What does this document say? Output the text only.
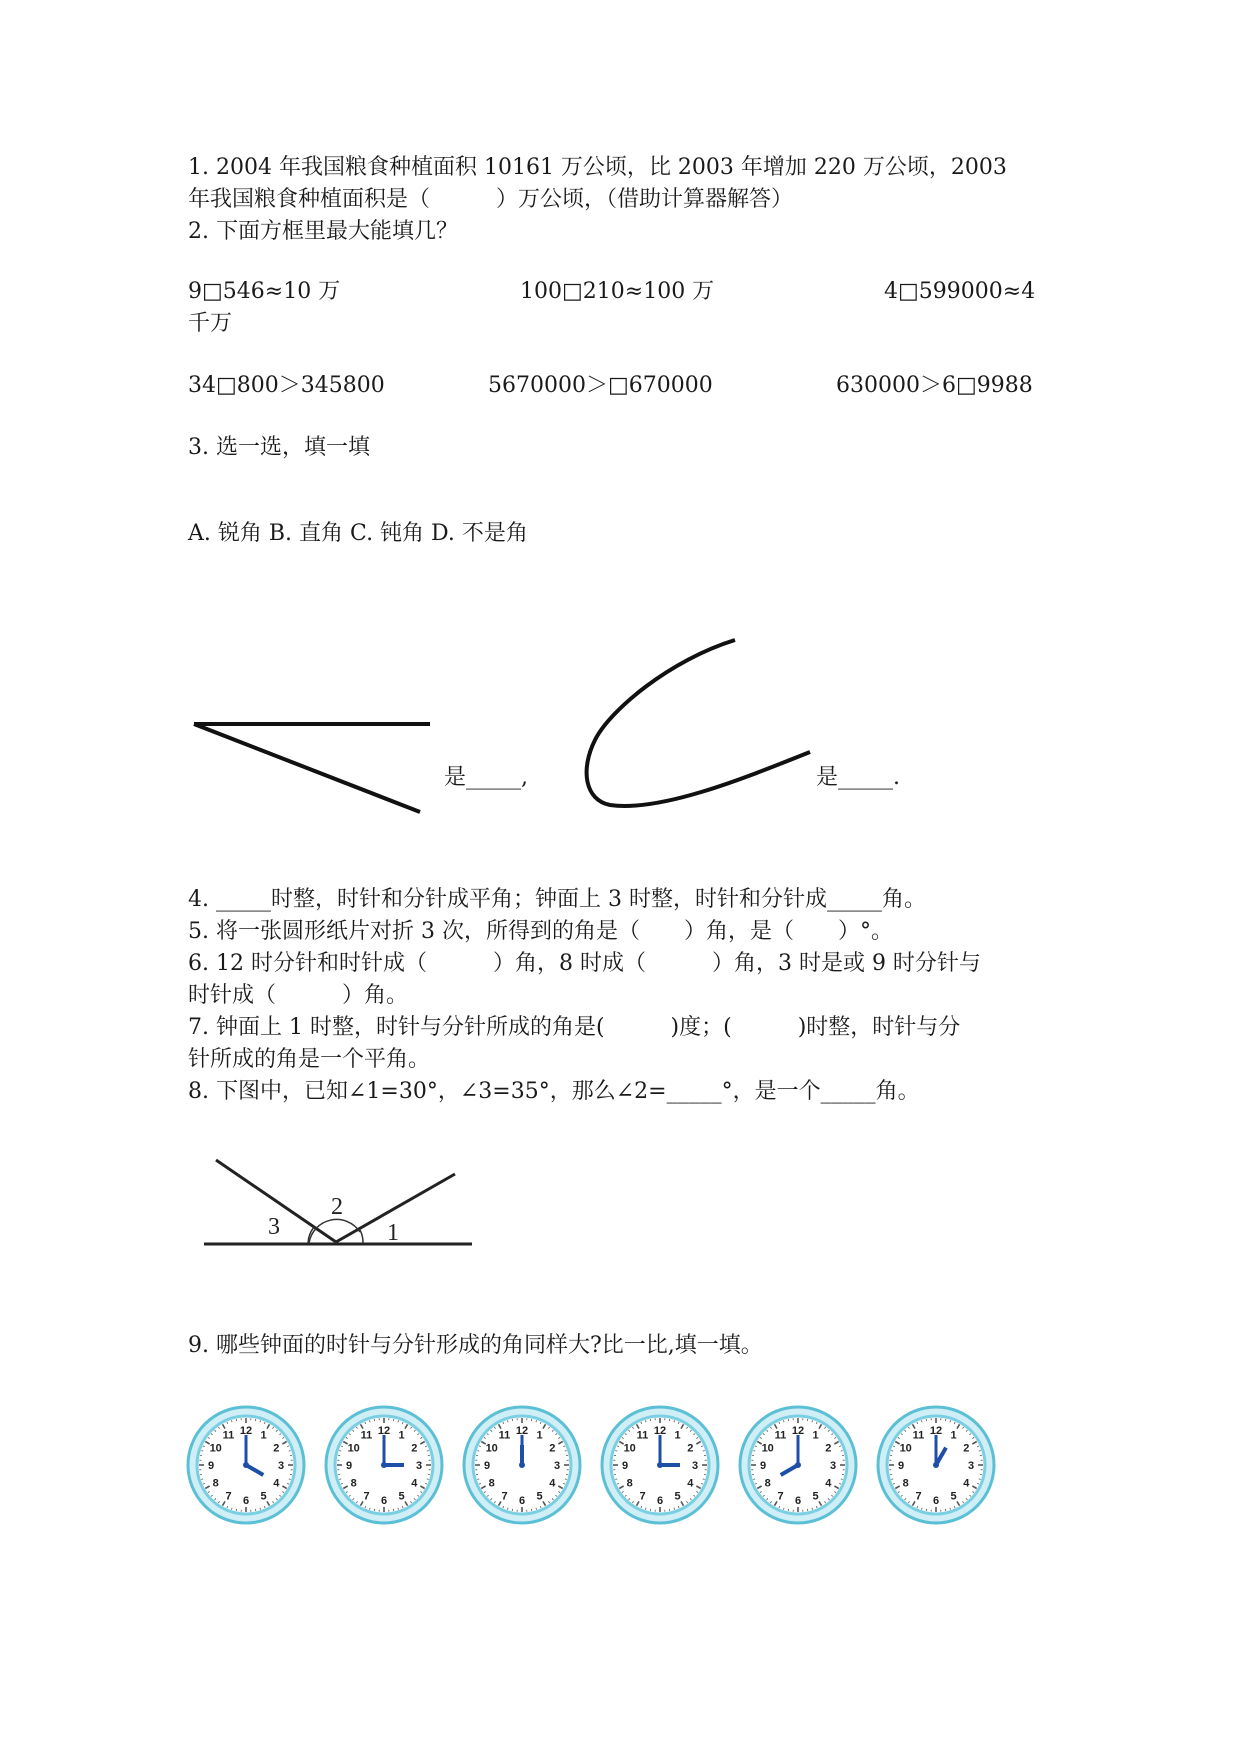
1. 2004 年我国粮食种植面积 10161 万公顷，比 2003 年增加 220 万公顷，2003
年我国粮食种植面积是（　　　）万公顷，（借助计算器解答）
2. 下面方框里最大能填几？
9□546≈10 万	100□210≈100 万	4□599000≈4
千万
34□800＞345800	5670000＞□670000	630000＞6□9988
3. 选一选，填一填
A. 锐角 B. 直角 C. 钝角 D. 不是角
3
2
1
1
2
3
4
5
6
7
8
9
10
11 12	1
2
3
4
5
6
7
8
9
10
11 12	1
2
3
4
5
6
7
8
9
10
11 12	1
2
3
4
5
6
7
8
9
10
11 12	1
2
3
4
5
6
7
8
9
10
11 12	1
2
3
4
5
6
7
8
9
10
11 12
是_____,	是_____.
4. _____时整，时针和分针成平角；钟面上 3 时整，时针和分针成_____角。
5. 将一张圆形纸片对折 3 次，所得到的角是（　　）角，是（　　）°。
6. 12 时分针和时针成（　　　）角，8 时成（　　　）角，3 时是或 9 时分针与
时针成（　　　）角。
7. 钟面上 1 时整，时针与分针所成的角是(　　　)度；(　　　)时整，时针与分
针所成的角是一个平角。
8. 下图中，已知∠1=30°，∠3=35°，那么∠2=_____°，是一个_____角。
9. 哪些钟面的时针与分针形成的角同样大?比一比,填一填。
